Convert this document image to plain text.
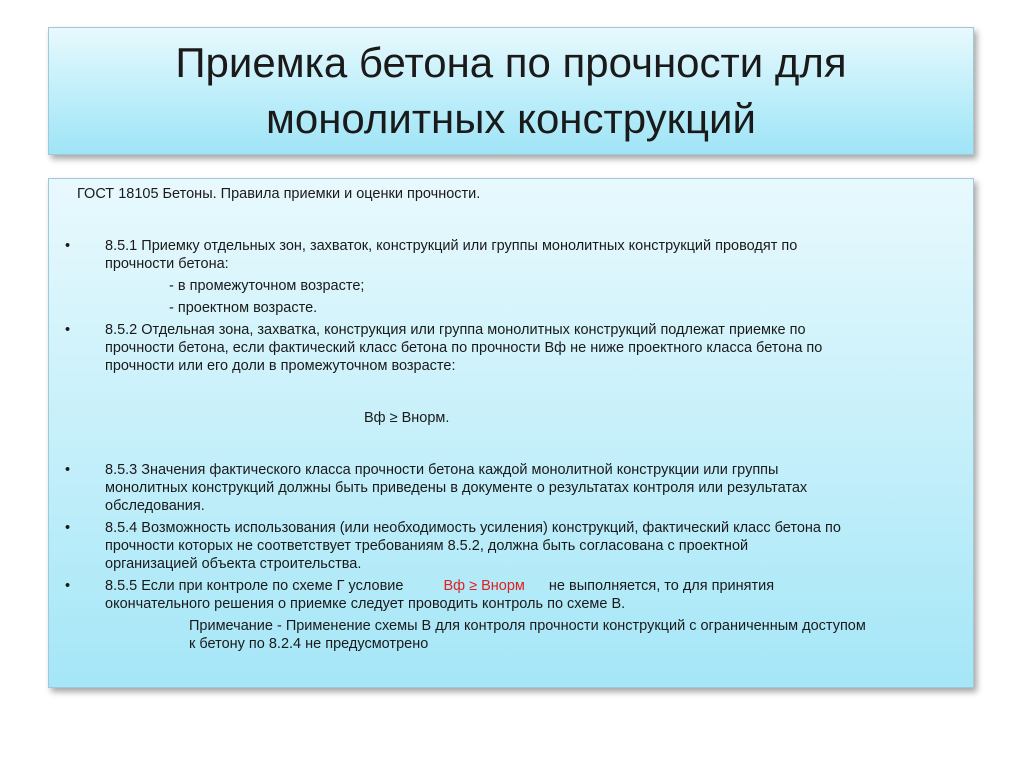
Приемка бетона по прочности для
монолитных конструкций

ГОСТ 18105 Бетоны. Правила приемки и оценки прочности.

• 8.5.1 Приемку отдельных зон, захваток, конструкций или группы монолитных конструкций проводят по
прочности бетона:

- в промежуточном возрасте;

- проектном возрасте.

• 8.5.2 Отдельная зона, захватка, конструкция или группа монолитных конструкций подлежат приемке по
прочности бетона, если фактический класс бетона по прочности Вф не ниже проектного класса бетона по
прочности или его доли в промежуточном возрасте:

Вф ≥ Внорм.

• 8.5.3 Значения фактического класса прочности бетона каждой монолитной конструкции или группы
монолитных конструкций должны быть приведены в документе о результатах контроля или результатах
обследования.
• 8.5.4 Возможность использования (или необходимость усиления) конструкций, фактический класс бетона по
прочности которых не соответствует требованиям 8.5.2, должна быть согласована с проектной
организацией объекта строительства.
• 8.5.5 Если при контроле по схеме Г условие	Вф ≥ Внорм не выполняется, то для принятия
окончательного решения о приемке следует проводить контроль по схеме В.
Примечание - Применение схемы В для контроля прочности конструкций с ограниченным доступом
к бетону по 8.2.4 не предусмотрено
